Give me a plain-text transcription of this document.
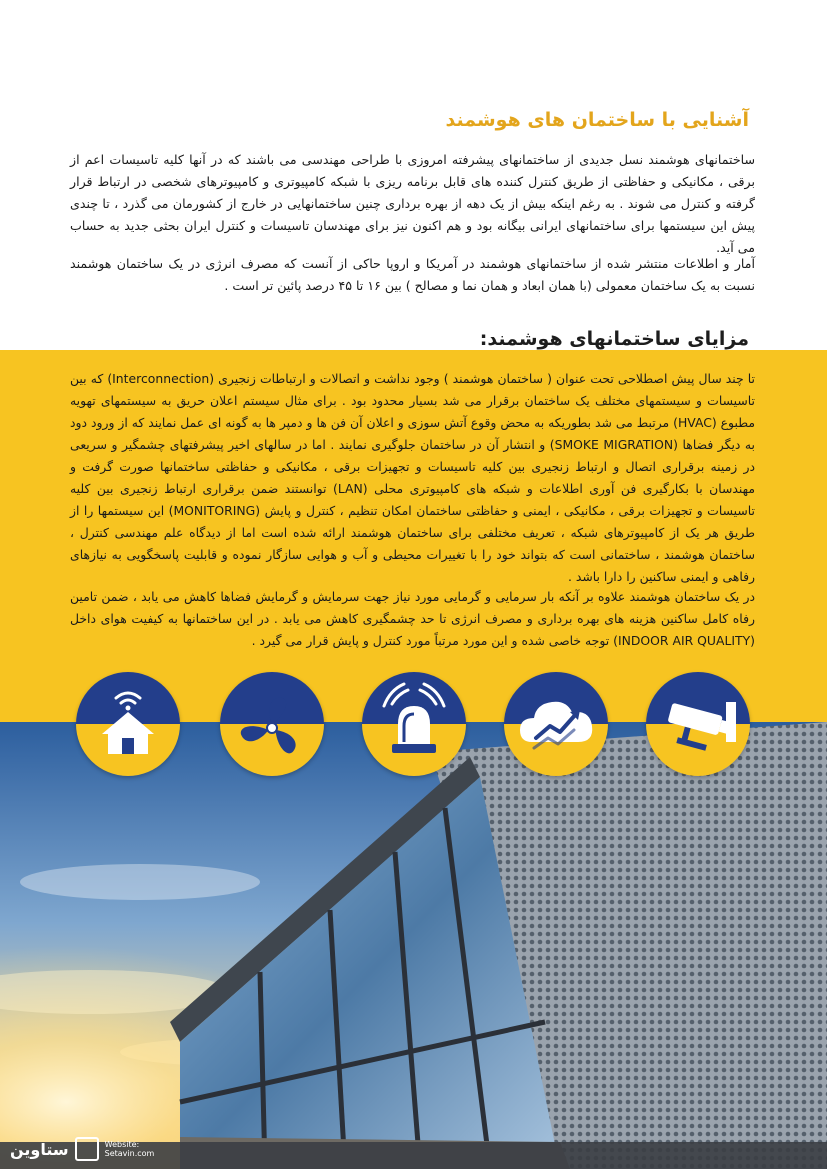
آشنایی با ساختمان های هوشمند
ساختمانهای هوشمند نسل جدیدی از ساختمانهای پیشرفته امروزی با طراحی مهندسی می باشند که در آنها کلیه تاسیسات اعم از برقی ، مکانیکی و حفاظتی از طریق کنترل کننده های قابل برنامه ریزی با شبکه کامپیوتری و کامپیوترهای شخصی در ارتباط قرار گرفته و کنترل می شوند . به رغم اینکه بیش از یک دهه از بهره برداری چنین ساختمانهایی در خارج از کشورمان می گذرد ، تا چندی پیش این سیستمها برای ساختمانهای ایرانی بیگانه بود و هم اکنون نیز برای مهندسان تاسیسات و کنترل ایران بحثی جدید به حساب می آید.
آمار و اطلاعات منتشر شده از ساختمانهای هوشمند در آمریکا و اروپا حاکی از آنست که مصرف انرژی در یک ساختمان هوشمند نسبت به یک ساختمان معمولی (با همان ابعاد و همان نما و مصالح ) بین ۱۶ تا ۴۵ درصد پائین تر است .
مزایای ساختمانهای هوشمند:
تا چند سال پیش اصطلاحی تحت عنوان ( ساختمان هوشمند ) وجود نداشت و اتصالات و ارتباطات زنجیری (Interconnection) که بین تاسیسات و سیستمهای مختلف یک ساختمان برقرار می شد بسیار محدود بود . برای مثال سیستم اعلان حریق به سیستمهای تهویه مطبوع (HVAC) مرتبط می شد بطوریکه به محض وقوع آتش سوزی و اعلان آن فن ها و دمپر ها به گونه ای عمل نمایند که از ورود دود به دیگر فضاها (SMOKE MIGRATION) و انتشار آن در ساختمان جلوگیری نمایند . اما در سالهای اخیر پیشرفتهای چشمگیر و سریعی در زمینه برقراری اتصال و ارتباط زنجیری بین کلیه تاسیسات و تجهیزات برقی ، مکانیکی و حفاظتی ساختمانها صورت گرفت و مهندسان با بکارگیری فن آوری اطلاعات و شبکه های کامپیوتری محلی (LAN) توانستند ضمن برقراری ارتباط زنجیری بین کلیه تاسیسات و تجهیزات برقی ، مکانیکی ، ایمنی و حفاظتی ساختمان امکان تنظیم ، کنترل و پایش (MONITORING) این سیستمها را از طریق هر یک از کامپیوترهای شبکه ، تعریف مختلفی برای ساختمان هوشمند ارائه شده است اما از دیدگاه علم مهندسی کنترل ، ساختمان هوشمند ، ساختمانی است که بتواند خود را با تغییرات محیطی و آب و هوایی سازگار نموده و قابلیت پاسخگویی به نیازهای رفاهی و ایمنی ساکنین را دارا باشد .
در یک ساختمان هوشمند علاوه بر آنکه بار سرمایی و گرمایی مورد نیاز جهت سرمایش و گرمایش فضاها کاهش می یابد ، ضمن تامین رفاه کامل ساکنین هزینه های بهره برداری و مصرف انرژی تا حد چشمگیری کاهش می یابد . در این ساختمانها به کیفیت هوای داخل (INDOOR AIR QUALITY) توجه خاصی شده و این مورد مرتباً مورد کنترل و پایش قرار می گیرد .
ستاوین	Website:
Setavin.com
